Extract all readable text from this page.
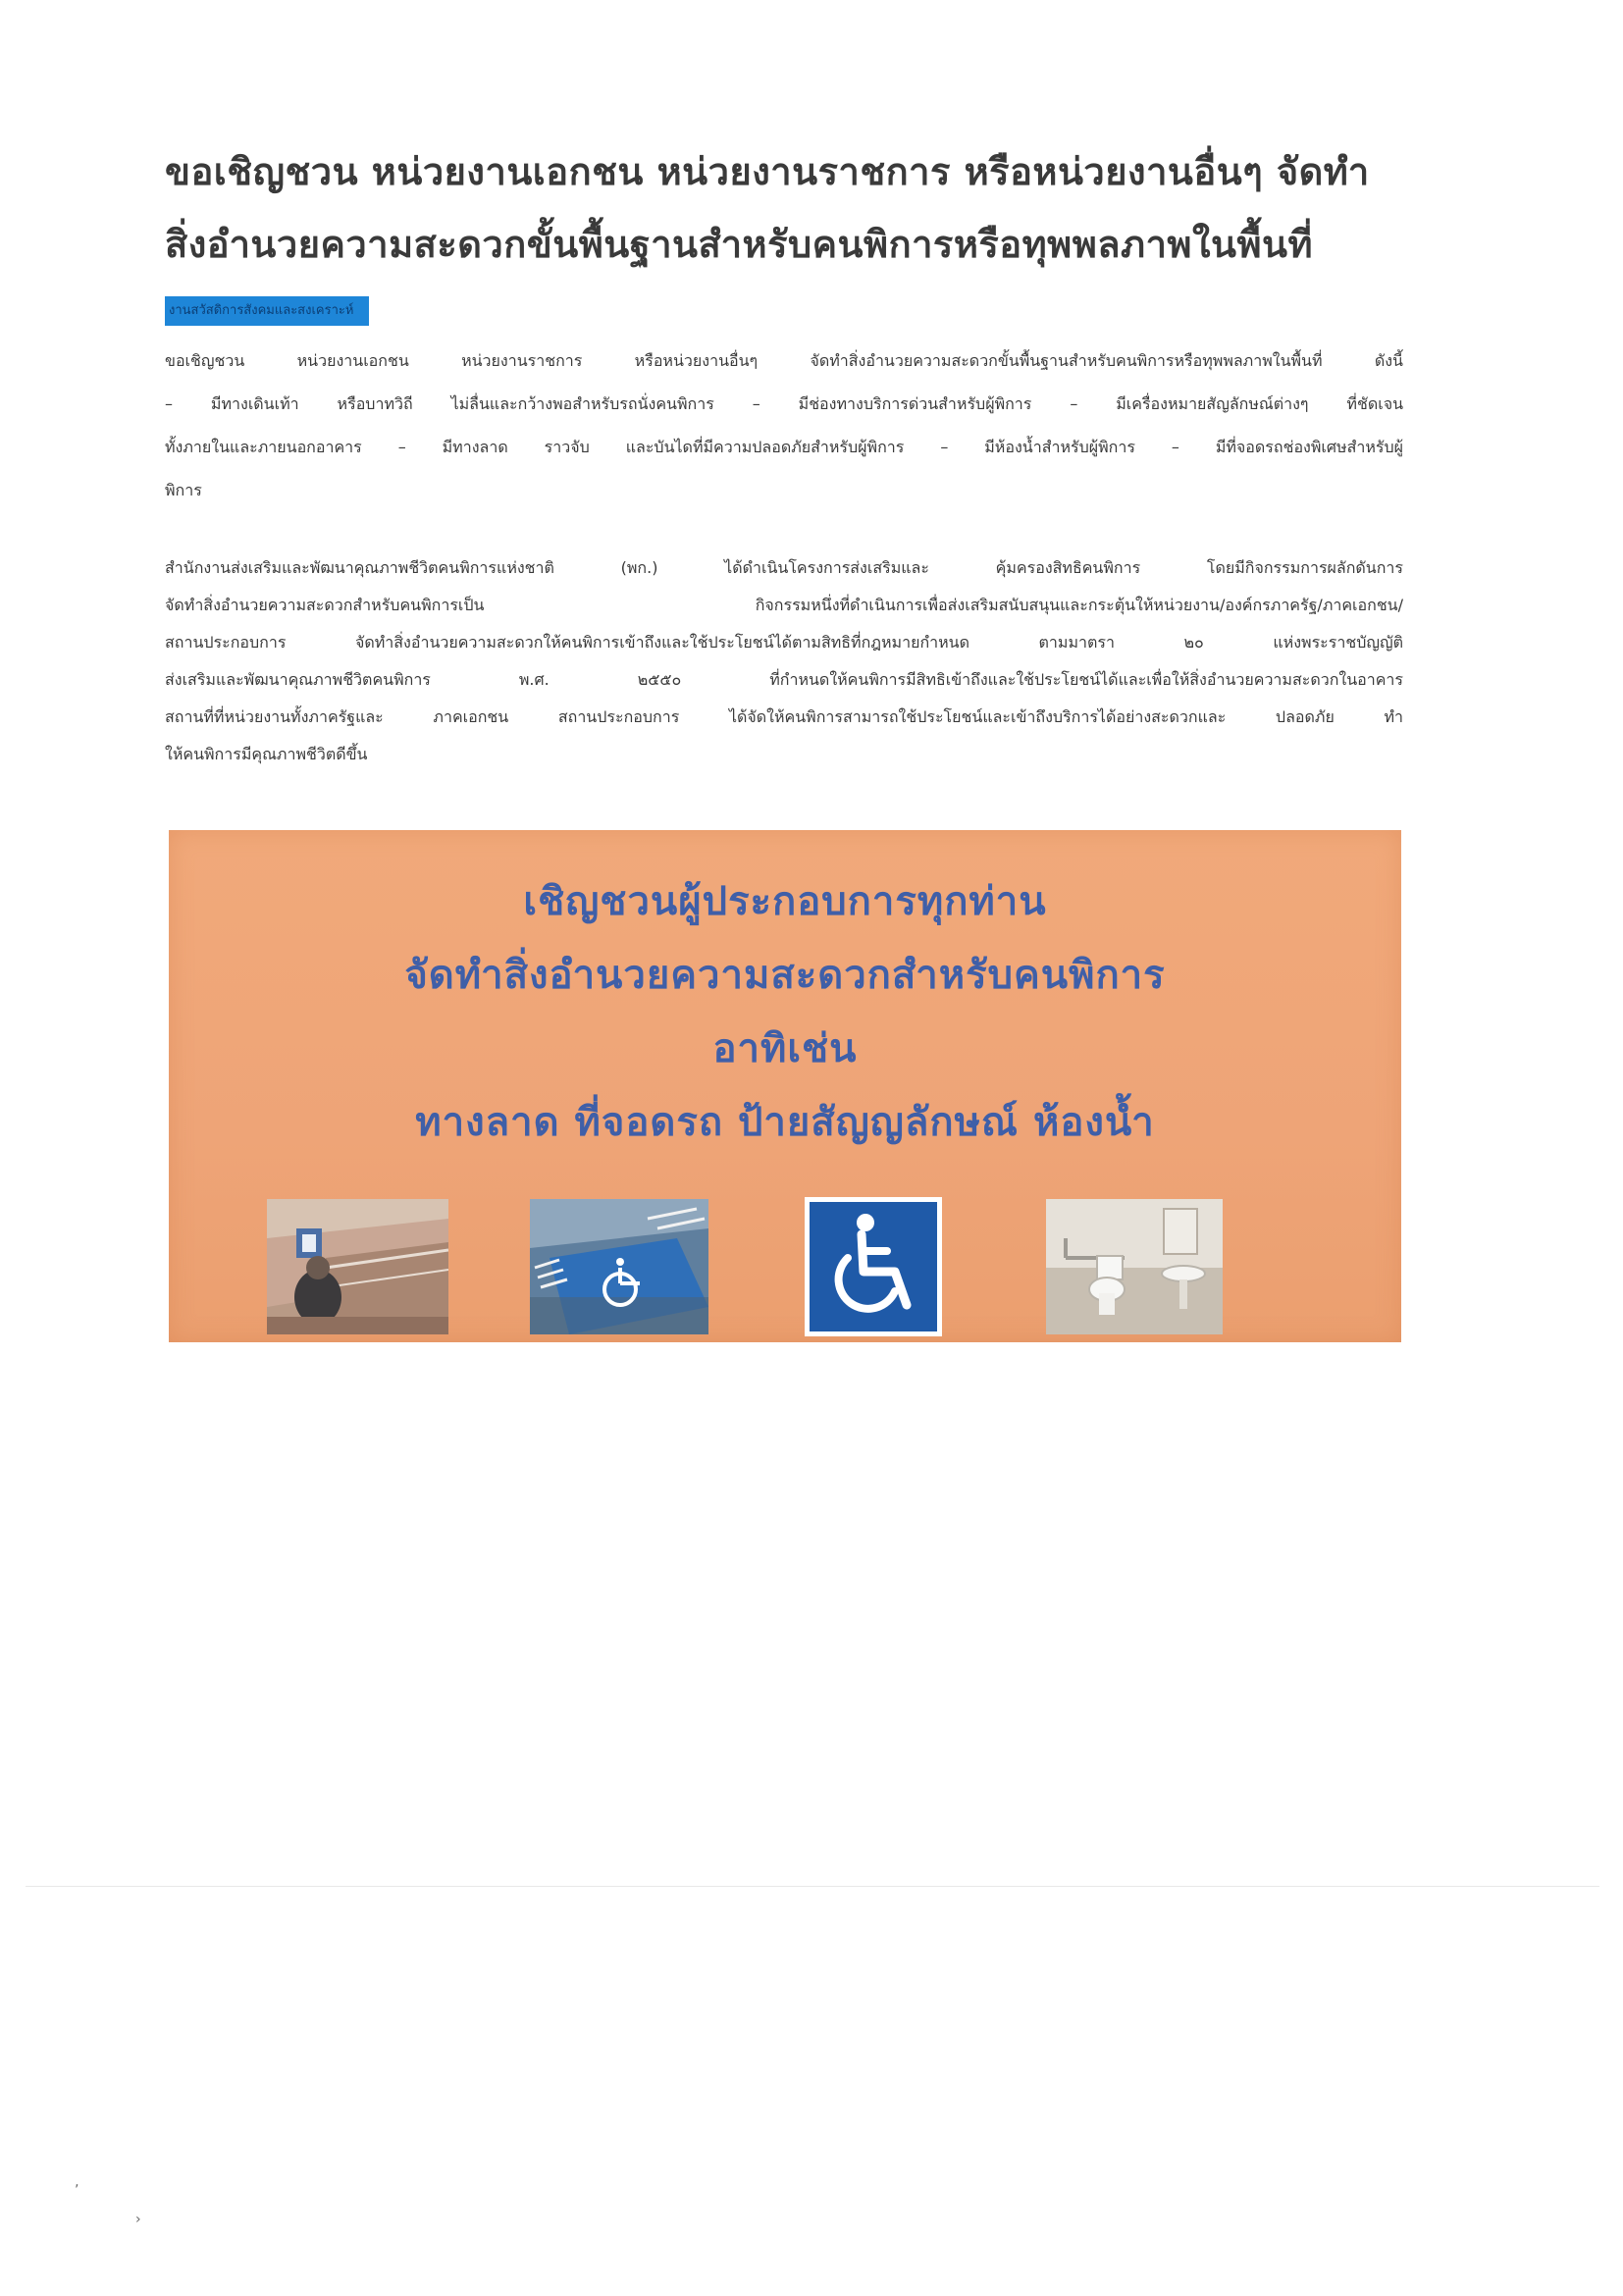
ขอเชิญชวน หน่วยงานเอกชน หน่วยงานราชการ หรือหน่วยงานอื่นๆ จัดทำ
สิ่งอำนวยความสะดวกขั้นพื้นฐานสำหรับคนพิการหรือทุพพลภาพในพื้นที่
งานสวัสดิการสังคมและสงเคราะห์
ขอเชิญชวน หน่วยงานเอกชน หน่วยงานราชการ หรือหน่วยงานอื่นๆ จัดทำสิ่งอำนวยความสะดวกขั้นพื้นฐานสำหรับคนพิการหรือทุพพลภาพในพื้นที่ ดังนี้
– มีทางเดินเท้า หรือบาทวิถี ไม่ลื่นและกว้างพอสำหรับรถนั่งคนพิการ – มีช่องทางบริการด่วนสำหรับผู้พิการ – มีเครื่องหมายสัญลักษณ์ต่างๆ ที่ชัดเจน
ทั้งภายในและภายนอกอาคาร – มีทางลาด ราวจับ และบันไดที่มีความปลอดภัยสำหรับผู้พิการ – มีห้องน้ำสำหรับผู้พิการ – มีที่จอดรถช่องพิเศษสำหรับผู้
พิการ
สำนักงานส่งเสริมและพัฒนาคุณภาพชีวิตคนพิการแห่งชาติ (พก.) ได้ดำเนินโครงการส่งเสริมและ คุ้มครองสิทธิคนพิการ โดยมีกิจกรรมการผลักดันการ
จัดทำสิ่งอำนวยความสะดวกสำหรับคนพิการเป็น กิจกรรมหนึ่งที่ดำเนินการเพื่อส่งเสริมสนับสนุนและกระตุ้นให้หน่วยงาน/องค์กรภาครัฐ/ภาคเอกชน/
สถานประกอบการ จัดทำสิ่งอำนวยความสะดวกให้คนพิการเข้าถึงและใช้ประโยชน์ได้ตามสิทธิที่กฎหมายกำหนด ตามมาตรา ๒๐ แห่งพระราชบัญญัติ
ส่งเสริมและพัฒนาคุณภาพชีวิตคนพิการ พ.ศ. ๒๕๕๐ ที่กำหนดให้คนพิการมีสิทธิเข้าถึงและใช้ประโยชน์ได้และเพื่อให้สิ่งอำนวยความสะดวกในอาคาร
สถานที่ที่หน่วยงานทั้งภาครัฐและ ภาคเอกชน สถานประกอบการ ได้จัดให้คนพิการสามารถใช้ประโยชน์และเข้าถึงบริการได้อย่างสะดวกและ ปลอดภัย ทำ
ให้คนพิการมีคุณภาพชีวิตดีขึ้น
เชิญชวนผู้ประกอบการทุกท่าน
จัดทำสิ่งอำนวยความสะดวกสำหรับคนพิการ
อาทิเช่น
ทางลาด ที่จอดรถ ป้ายสัญญลักษณ์ ห้องน้ำ
‚
›
